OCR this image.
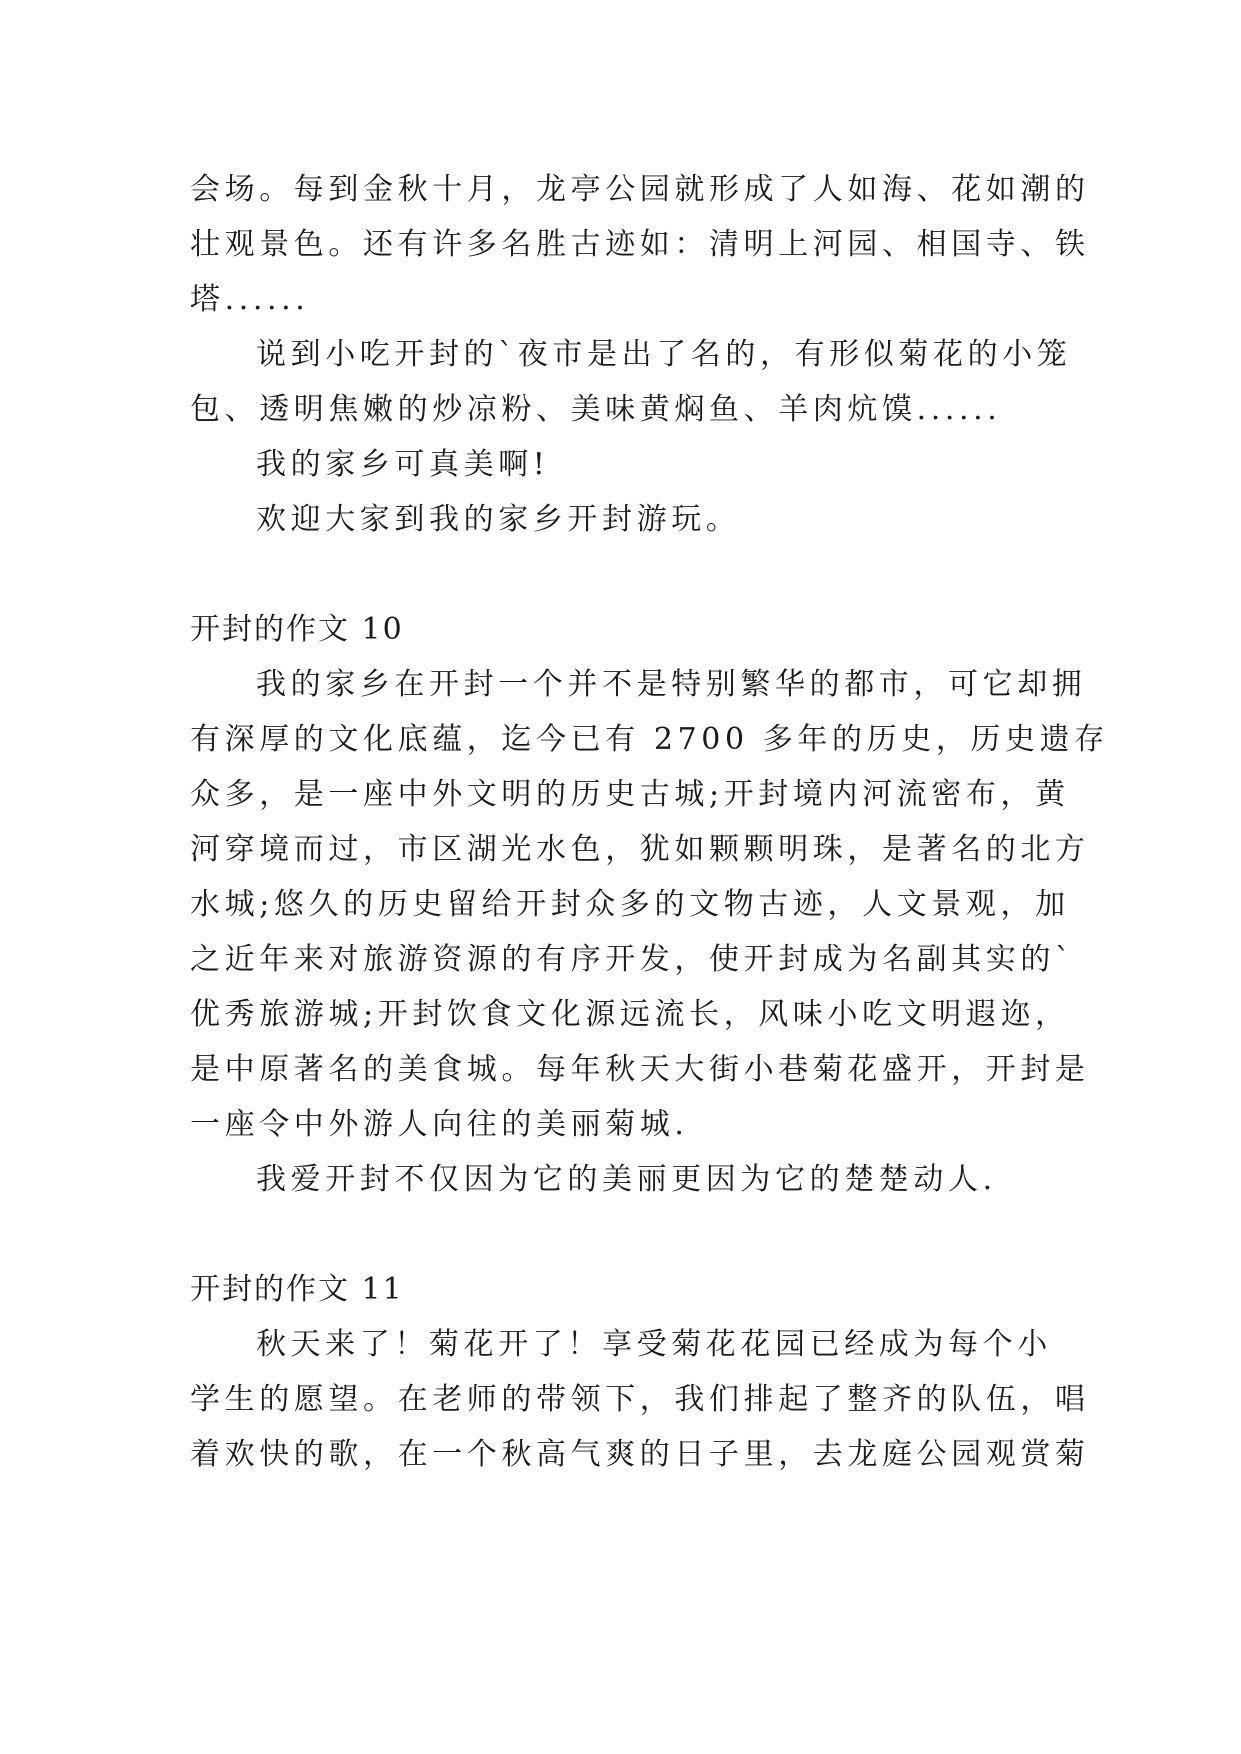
会场。每到金秋十月，龙亭公园就形成了人如海、花如潮的
壮观景色。还有许多名胜古迹如：清明上河园、相国寺、铁
塔......
说到小吃开封的`夜市是出了名的，有形似菊花的小笼
包、透明焦嫩的炒凉粉、美味黄焖鱼、羊肉炕馍......
我的家乡可真美啊!
欢迎大家到我的家乡开封游玩。
开封的作文 10
我的家乡在开封一个并不是特别繁华的都市，可它却拥
有深厚的文化底蕴，迄今已有 2700 多年的历史，历史遗存
众多，是一座中外文明的历史古城;开封境内河流密布，黄
河穿境而过，市区湖光水色，犹如颗颗明珠，是著名的北方
水城;悠久的历史留给开封众多的文物古迹，人文景观，加
之近年来对旅游资源的有序开发，使开封成为名副其实的`
优秀旅游城;开封饮食文化源远流长，风味小吃文明遐迩，
是中原著名的美食城。每年秋天大街小巷菊花盛开，开封是
一座令中外游人向往的美丽菊城.
我爱开封不仅因为它的美丽更因为它的楚楚动人.
开封的作文 11
秋天来了！菊花开了！享受菊花花园已经成为每个小
学生的愿望。在老师的带领下，我们排起了整齐的队伍，唱
着欢快的歌，在一个秋高气爽的日子里，去龙庭公园观赏菊
